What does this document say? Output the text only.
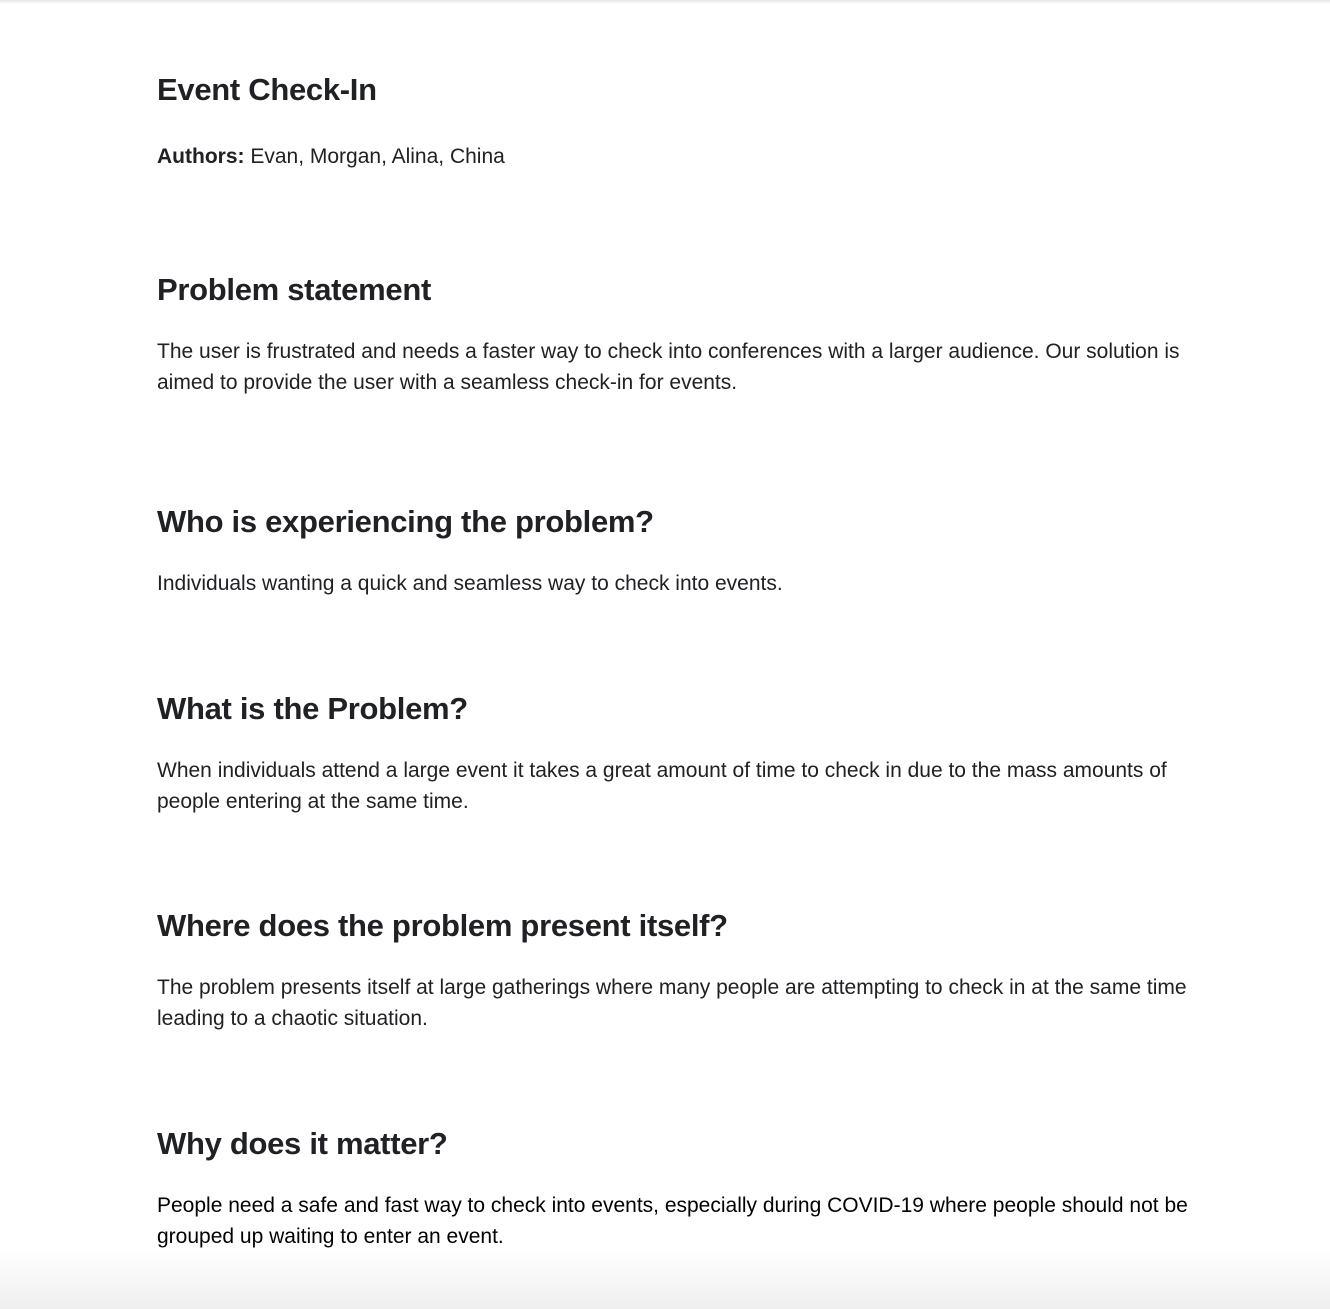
Event Check-In

Authors: Evan, Morgan, Alina, China

Problem statement

The user is frustrated and needs a faster way to check into conferences with a larger audience. Our solution is aimed to provide the user with a seamless check-in for events.

Who is experiencing the problem?

Individuals wanting a quick and seamless way to check into events.

What is the Problem?

When individuals attend a large event it takes a great amount of time to check in due to the mass amounts of people entering at the same time.

Where does the problem present itself?

The problem presents itself at large gatherings where many people are attempting to check in at the same time leading to a chaotic situation.

Why does it matter?

People need a safe and fast way to check into events, especially during COVID-19 where people should not be grouped up waiting to enter an event.
